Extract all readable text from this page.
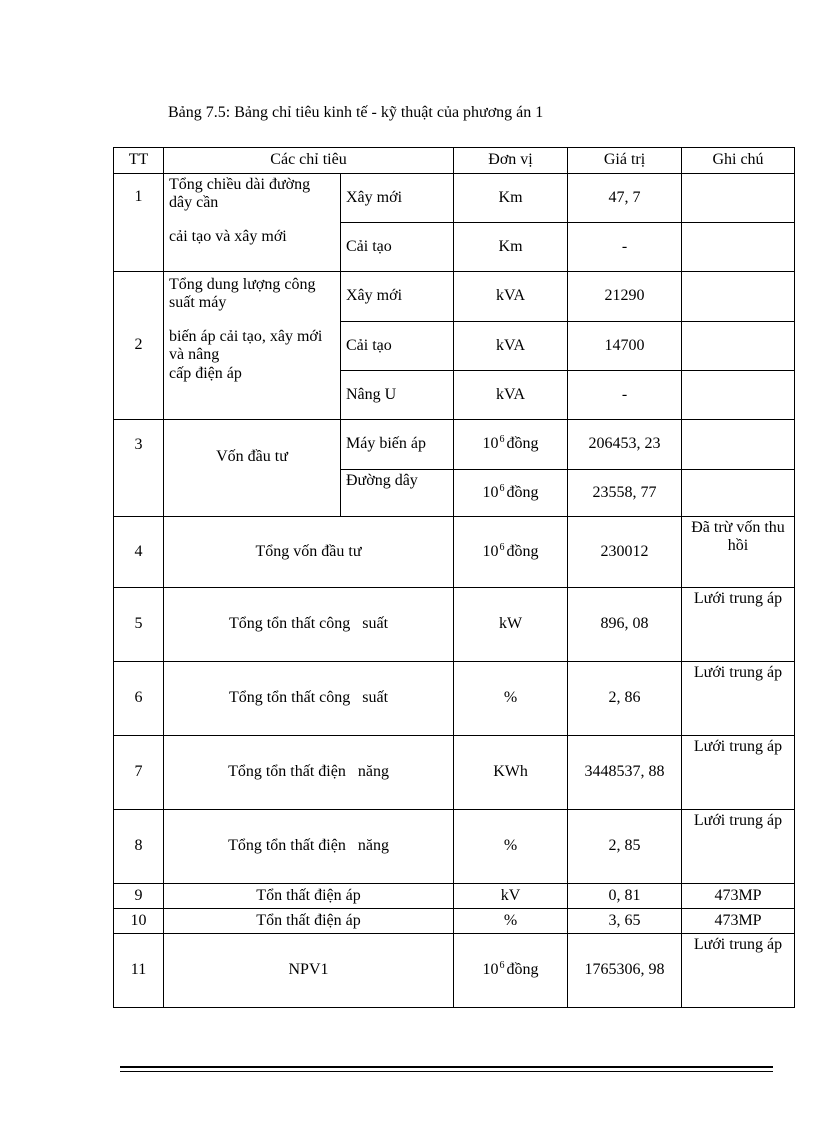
Bảng 7.5: Bảng chỉ tiêu kinh tế - kỹ thuật của phương án 1
TT	Các chỉ tiêu		Đơn vị	Giá trị	Ghi chú
1	Tổng chiều dài đường dây cần
cải tạo và xây mới	Xây mới	Km	47, 7	
		Cải tạo	Km	-	
2	Tổng dung lượng công suất máy
biến áp cải tạo, xây mới và nâng
cấp điện áp	Xây mới	kVA	21290	
		Cải tạo	kVA	14700	
		Nâng U	kVA	-	
3	Vốn đầu tư	Máy biến áp	$10^6$ đồng	206453, 23	
		Đường dây	$10^6$ đồng	23558, 77	
4	Tổng vốn đầu tư		$10^6$ đồng	230012	Đã trừ vốn thu hồi
5	Tổng tổn thất công   suất		kW	896, 08	Lưới trung áp
6	Tổng tổn thất công   suất		%	2, 86	Lưới trung áp
7	Tổng tổn thất điện   năng		KWh	3448537, 88	Lưới trung áp
8	Tổng tổn thất điện   năng		%	2, 85	Lưới trung áp
9	Tổn thất điện áp		kV	0, 81	473MP
10	Tổn thất điện áp		%	3, 65	473MP
11	NPV1		$10^6$ đồng	1765306, 98	Lưới trung áp
